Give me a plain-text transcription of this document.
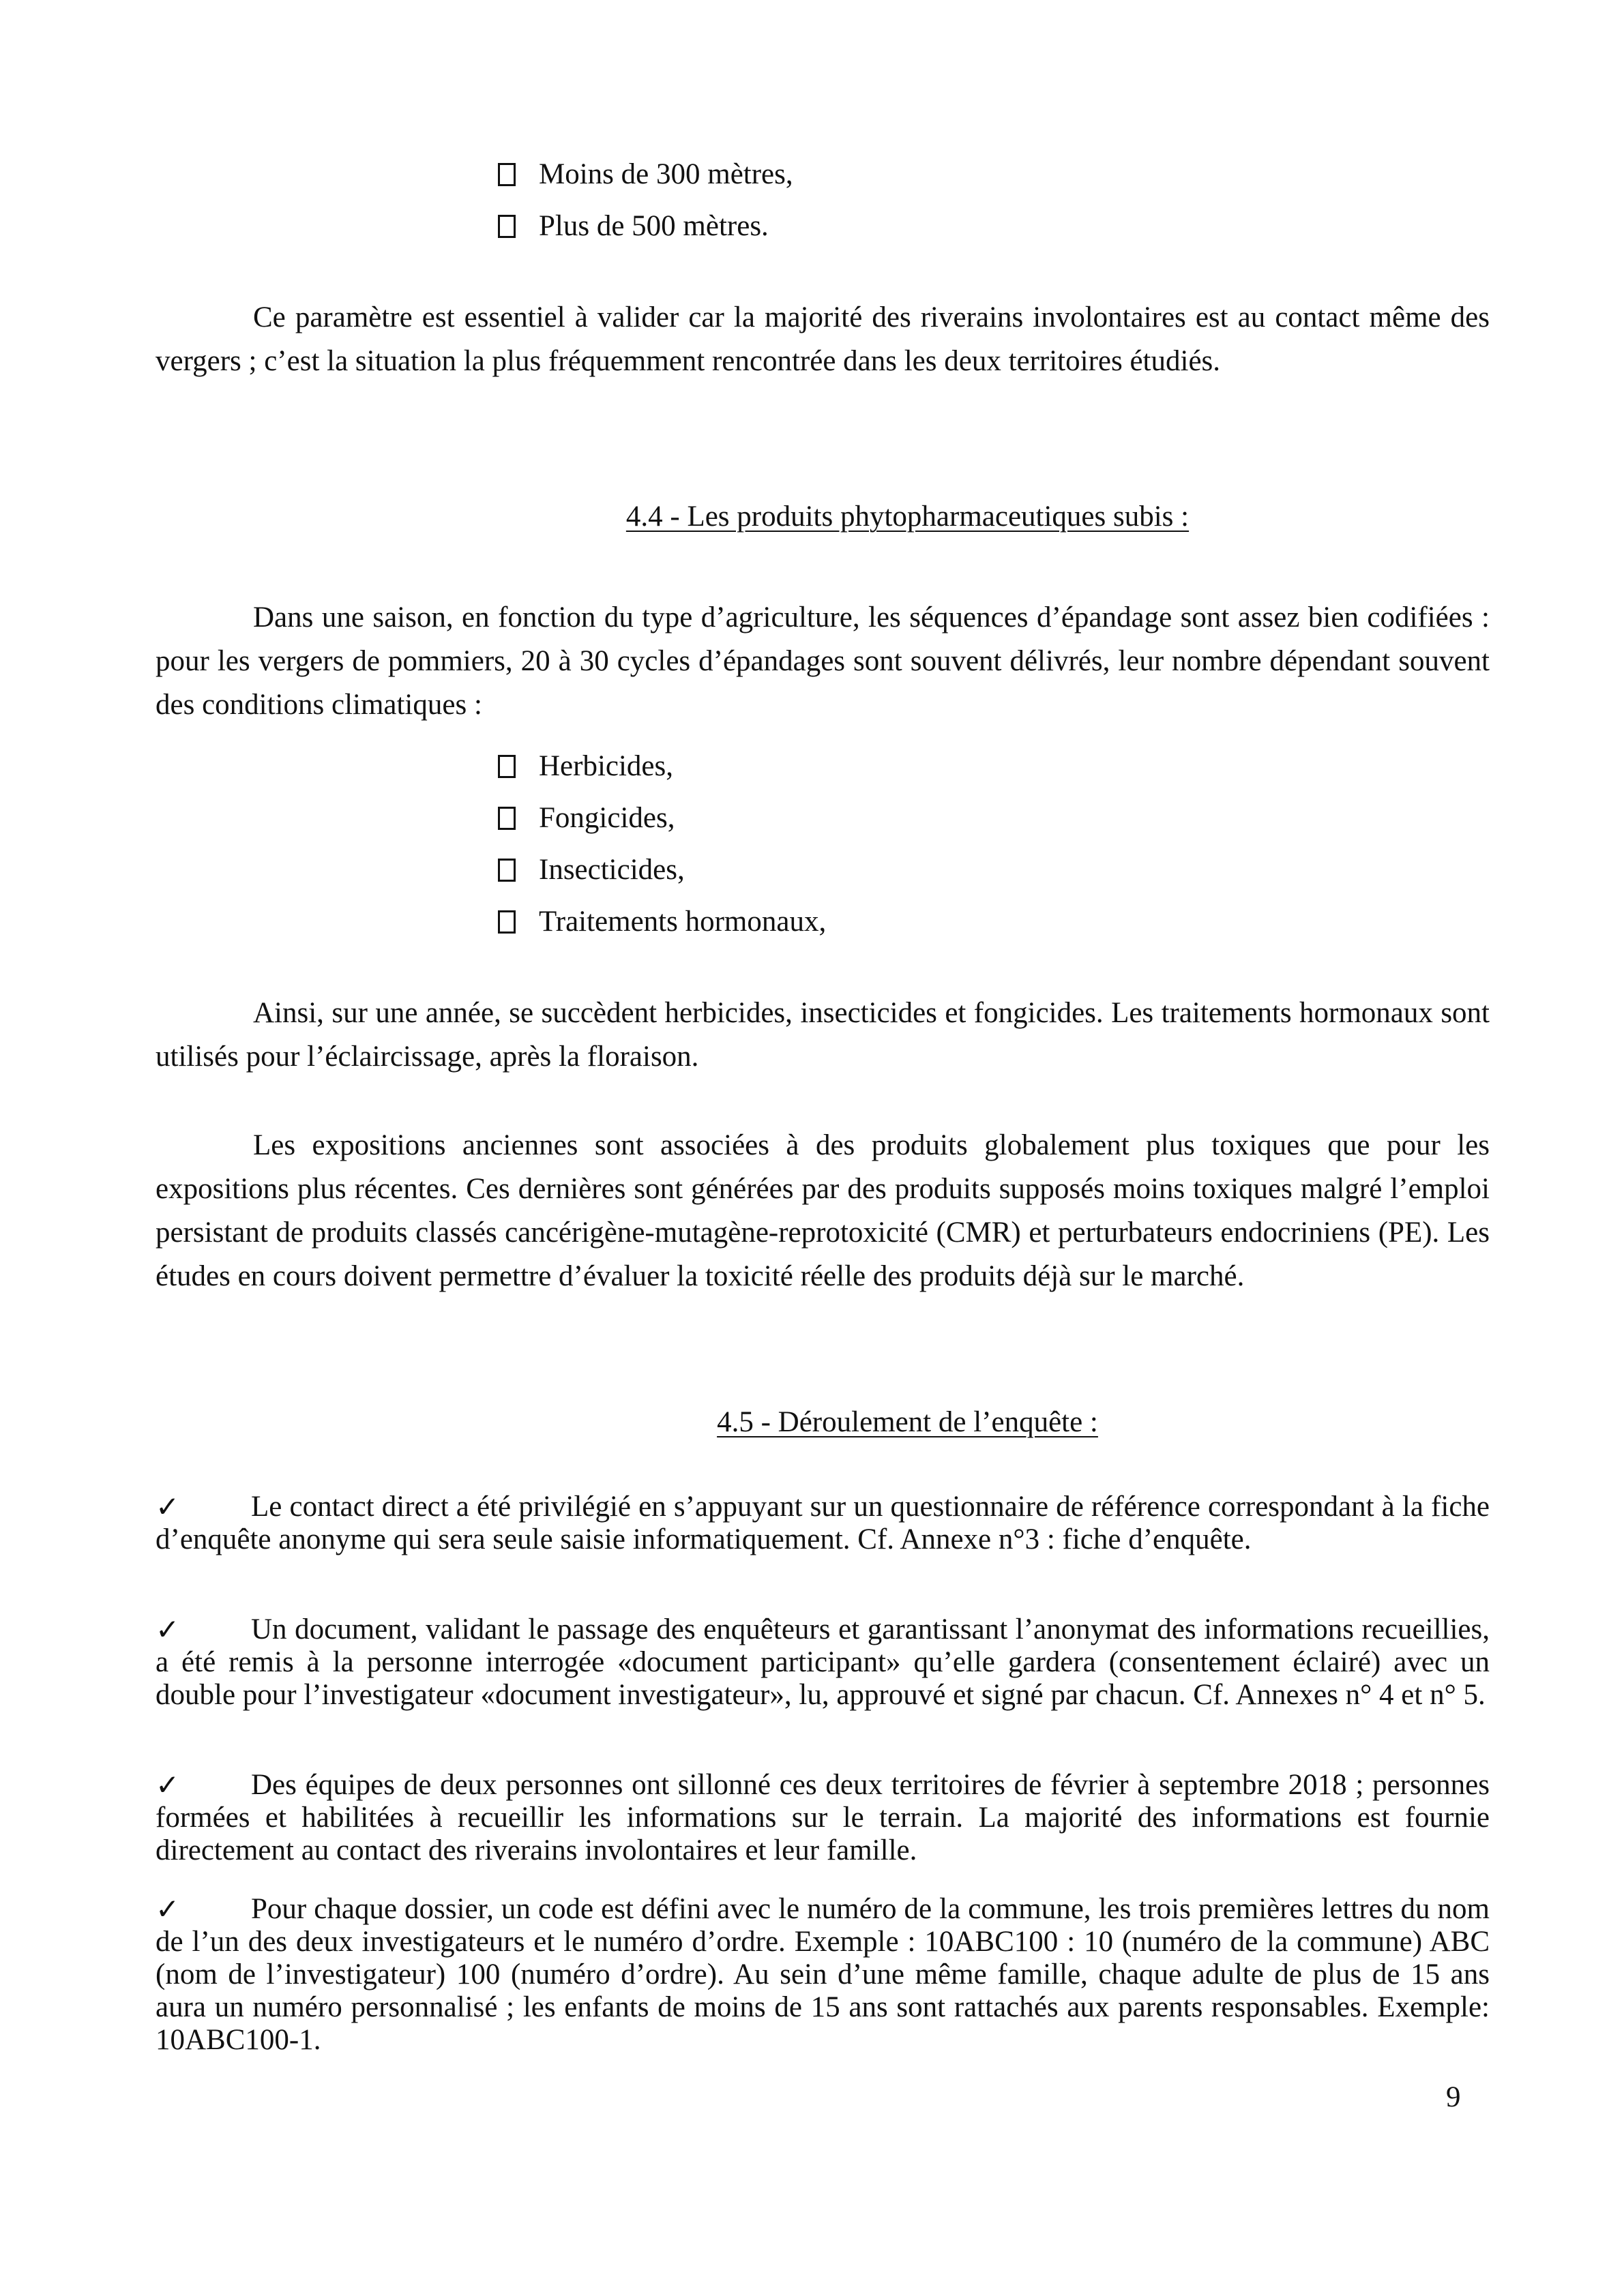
Moins de 300 mètres,
Plus de 500 mètres.

Ce paramètre est essentiel à valider car la majorité des riverains involontaires est au contact même des vergers ; c’est la situation la plus fréquemment rencontrée dans les deux territoires étudiés.

4.4 - Les produits phytopharmaceutiques subis :

Dans une saison, en fonction du type d’agriculture, les séquences d’épandage sont assez bien codifiées : pour les vergers de pommiers, 20 à 30 cycles d’épandages sont souvent délivrés, leur nombre dépendant souvent des conditions climatiques :

Herbicides,
Fongicides,
Insecticides,
Traitements hormonaux,

Ainsi, sur une année, se succèdent herbicides, insecticides et fongicides. Les traitements hormonaux sont utilisés pour l’éclaircissage, après la floraison.

Les expositions anciennes sont associées à des produits globalement plus toxiques que pour les expositions plus récentes. Ces dernières sont générées par des produits supposés moins toxiques malgré l’emploi persistant de produits classés cancérigène-mutagène-reprotoxicité (CMR) et perturbateurs endocriniens (PE). Les études en cours doivent permettre d’évaluer la toxicité réelle des produits déjà sur le marché.

4.5 - Déroulement de l’enquête :

✓	Le contact direct a été privilégié en s’appuyant sur un questionnaire de référence correspondant à la fiche d’enquête anonyme qui sera seule saisie informatiquement. Cf. Annexe n°3 : fiche d’enquête.
✓	Un document, validant le passage des enquêteurs et garantissant l’anonymat des informations recueillies, a été remis à la personne interrogée «document participant» qu’elle gardera (consentement éclairé) avec un double pour l’investigateur «document investigateur», lu, approuvé et signé par chacun. Cf. Annexes n° 4 et n° 5.
✓	Des équipes de deux personnes ont sillonné ces deux territoires de février à septembre 2018 ; personnes formées et habilitées à recueillir les informations sur le terrain. La majorité des informations est fournie directement au contact des riverains involontaires et leur famille.
✓	Pour chaque dossier, un code est défini avec le numéro de la commune, les trois premières lettres du nom de l’un des deux investigateurs et le numéro d’ordre. Exemple : 10ABC100 : 10 (numéro de la commune) ABC (nom de l’investigateur) 100 (numéro d’ordre). Au sein d’une même famille, chaque adulte de plus de 15 ans aura un numéro personnalisé ; les enfants de moins de 15 ans sont rattachés aux parents responsables. Exemple: 10ABC100-1.

9
